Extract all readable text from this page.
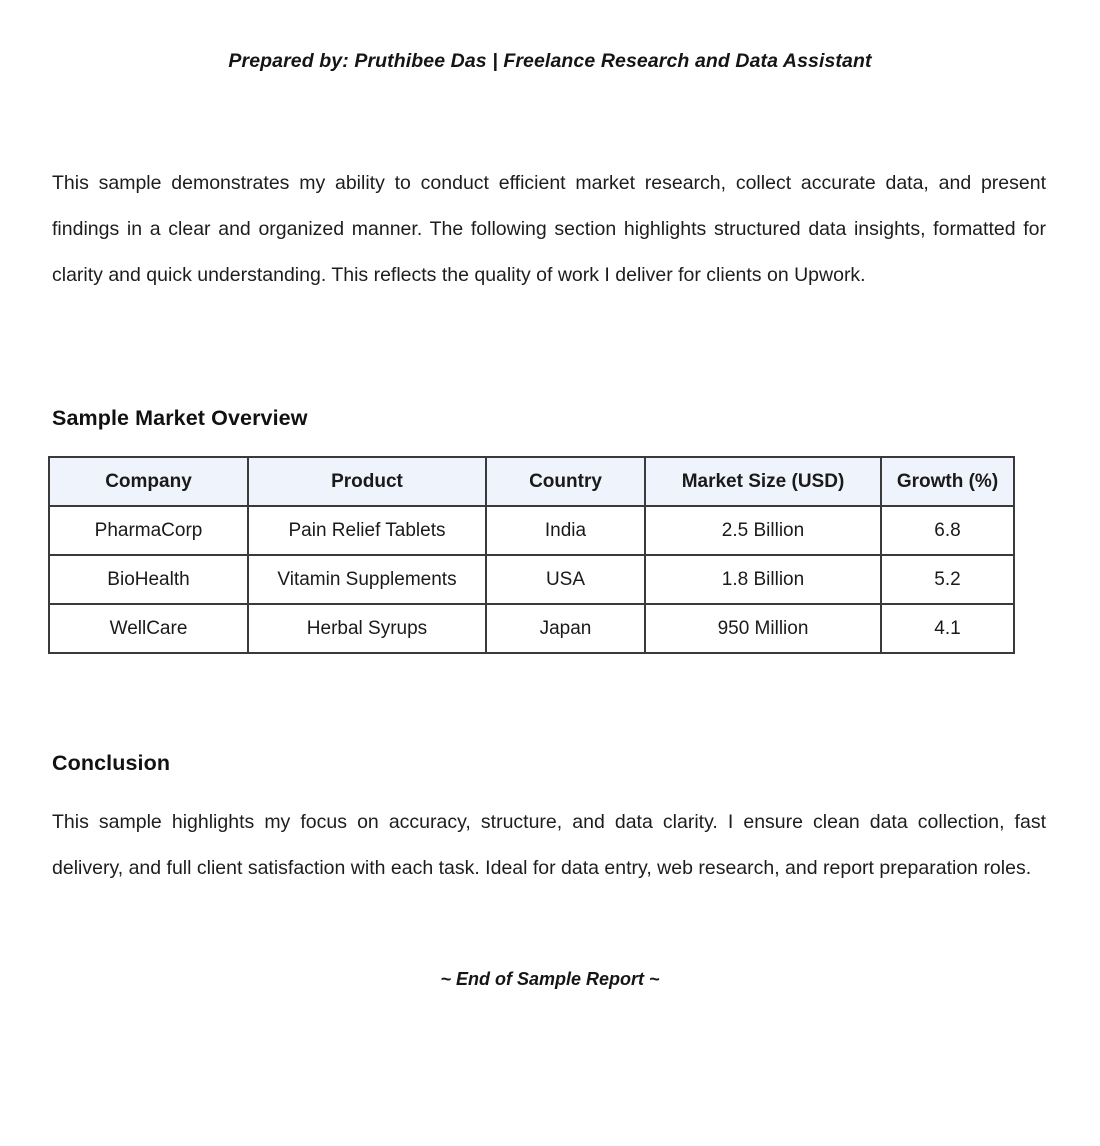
Prepared by: Pruthibee Das | Freelance Research and Data Assistant

This sample demonstrates my ability to conduct efficient market research, collect accurate data, and present findings in a clear and organized manner. The following section highlights structured data insights, formatted for clarity and quick understanding. This reflects the quality of work I deliver for clients on Upwork.

Sample Market Overview
Company	Product	Country	Market Size (USD)	Growth (%)
PharmaCorp	Pain Relief Tablets	India	2.5 Billion	6.8
BioHealth	Vitamin Supplements	USA	1.8 Billion	5.2
WellCare	Herbal Syrups	Japan	950 Million	4.1
Conclusion

This sample highlights my focus on accuracy, structure, and data clarity. I ensure clean data collection, fast delivery, and full client satisfaction with each task. Ideal for data entry, web research, and report preparation roles.

~ End of Sample Report ~
